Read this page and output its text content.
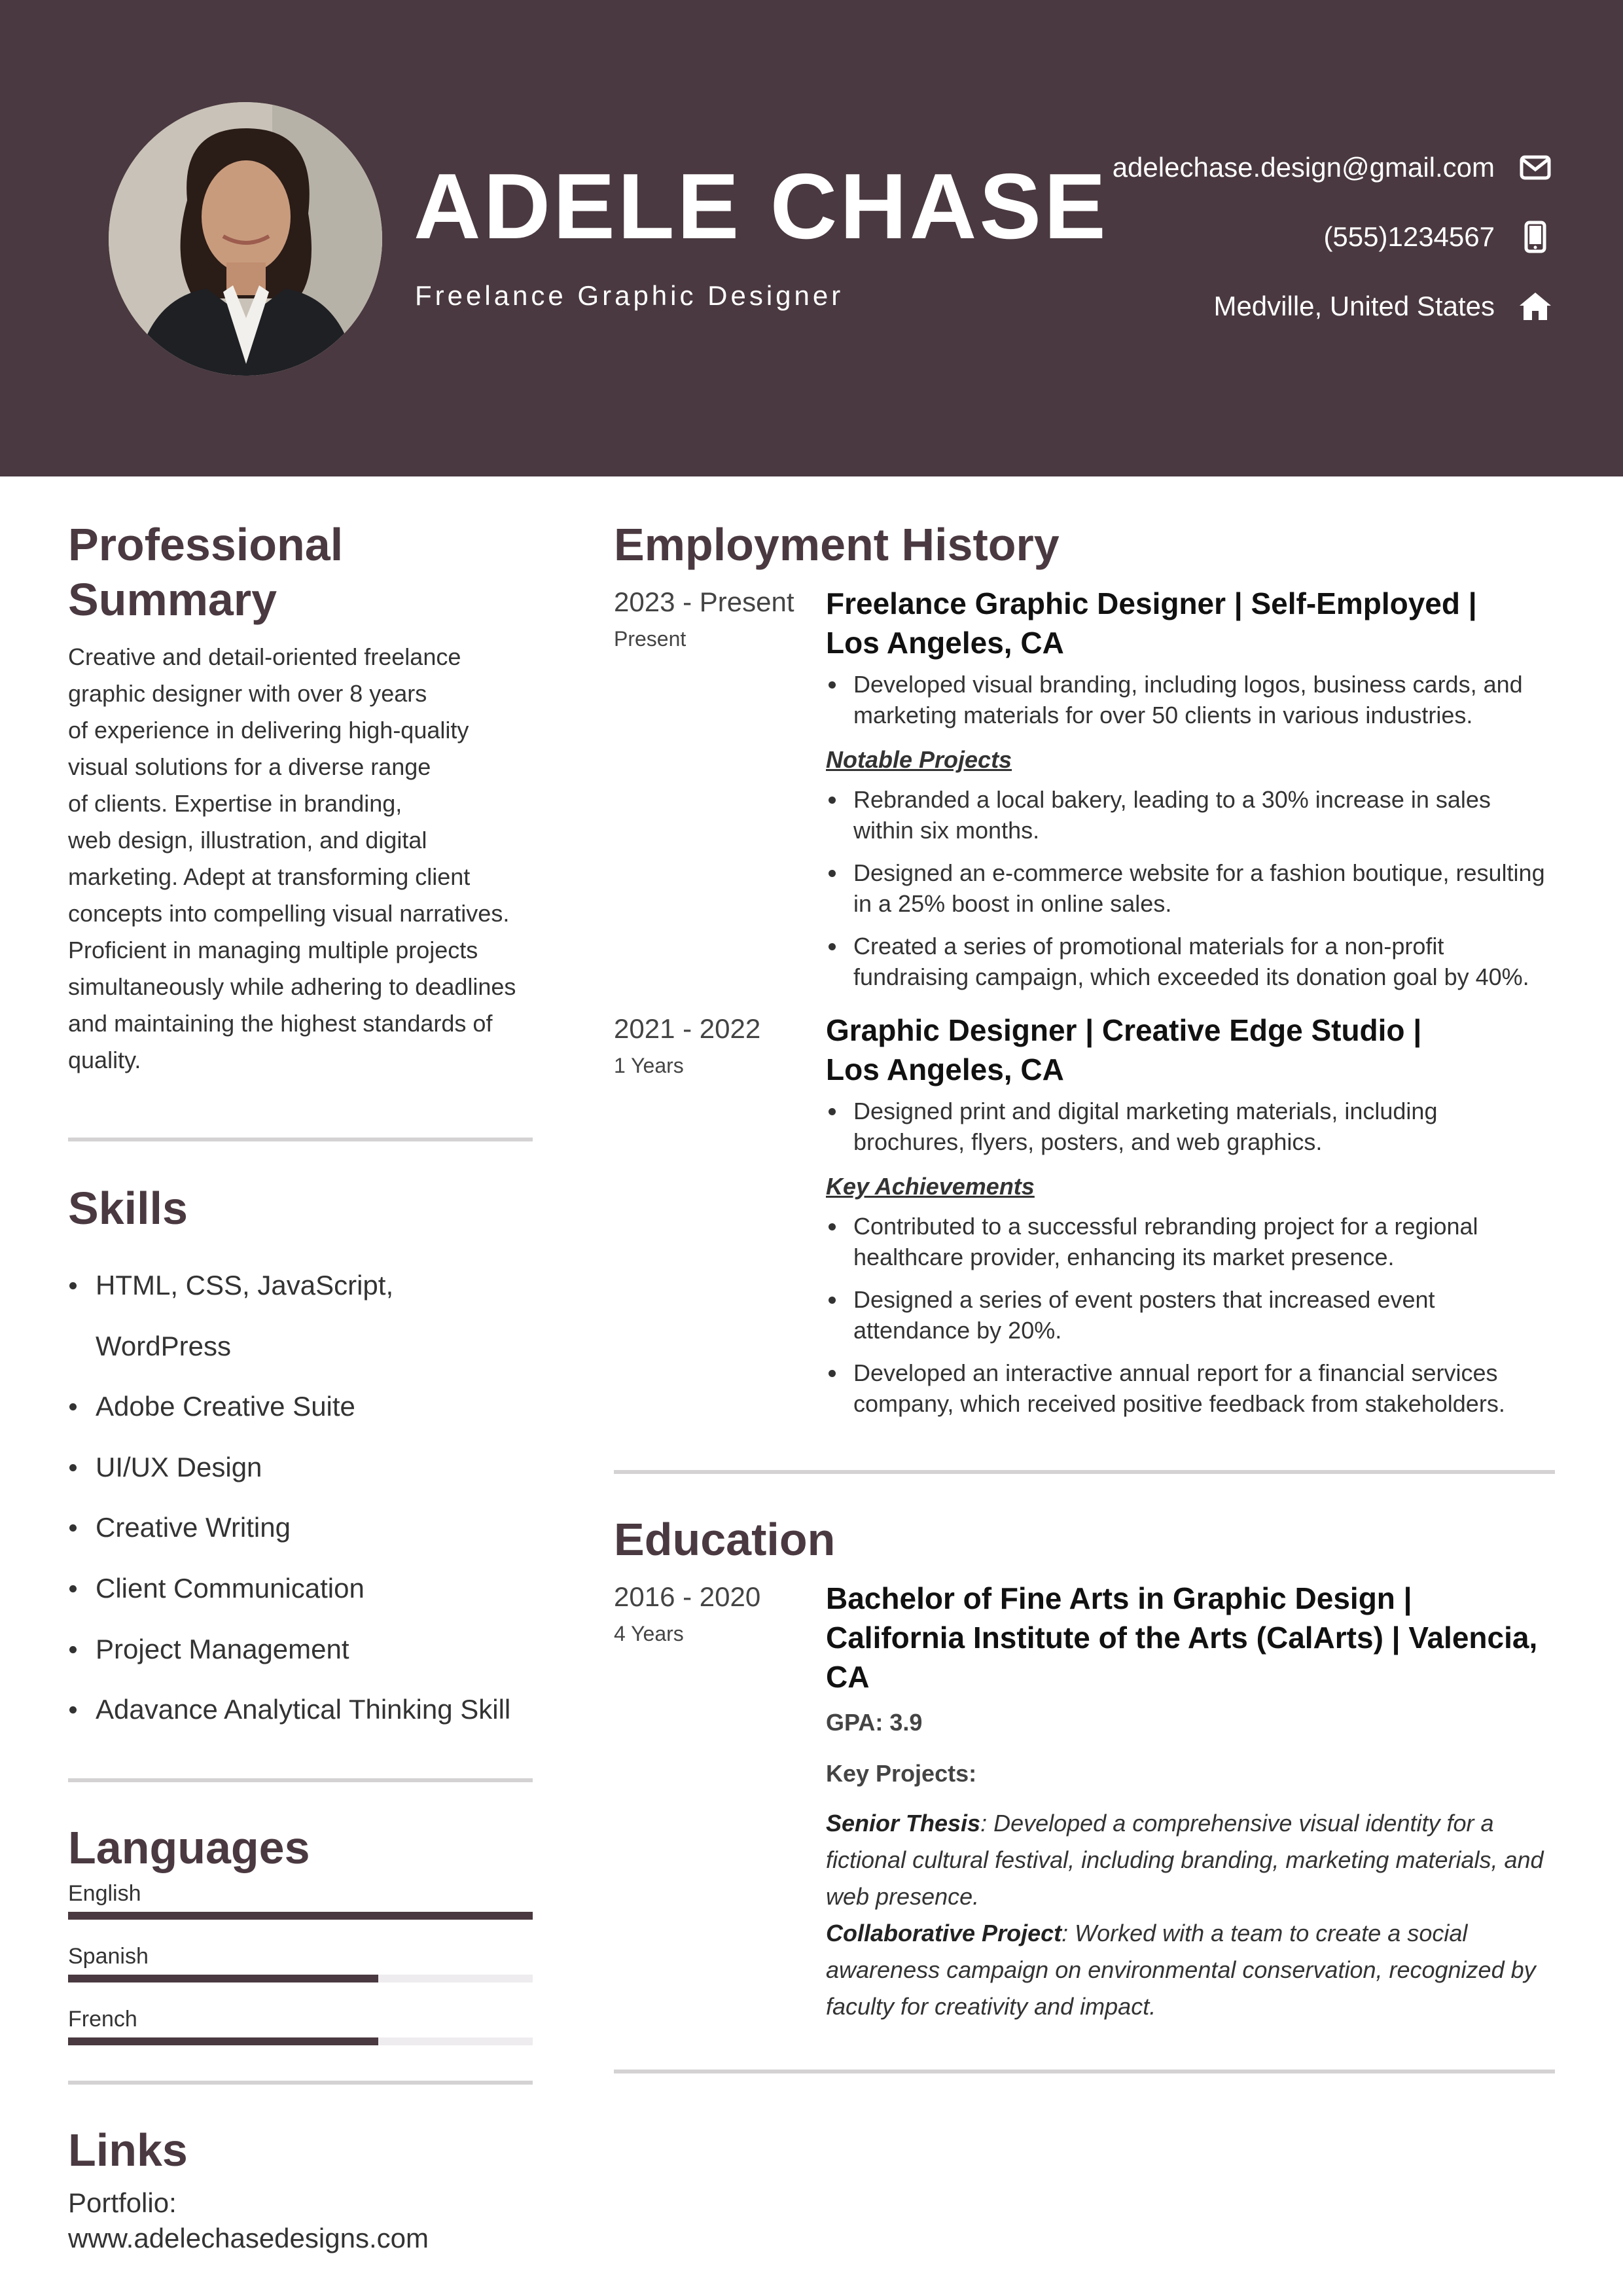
ADELE CHASE
Freelance Graphic Designer
adelechase.design@gmail.com
(555)1234567
Medville, United States
Professional Summary
Creative and detail-oriented freelance
graphic designer with over 8 years
of experience in delivering high-quality
visual solutions for a diverse range
of clients. Expertise in branding,
web design, illustration, and digital
marketing. Adept at transforming client
concepts into compelling visual narratives.
Proficient in managing multiple projects
simultaneously while adhering to deadlines
and maintaining the highest standards of
quality.
Skills
HTML, CSS, JavaScript, WordPress
Adobe Creative Suite
UI/UX Design
Creative Writing
Client Communication
Project Management
Adavance Analytical Thinking Skill
Languages
English
Spanish
French
Links
Portfolio:
www.adelechasedesigns.com
Employment History
2023 - Present
Present
Freelance Graphic Designer | Self-Employed |
Los Angeles, CA
Developed visual branding, including logos, business cards, and marketing materials for over 50 clients in various industries.
Notable Projects
Rebranded a local bakery, leading to a 30% increase in sales within six months.
Designed an e-commerce website for a fashion boutique, resulting in a 25% boost in online sales.
Created a series of promotional materials for a non-profit fundraising campaign, which exceeded its donation goal by 40%.
2021 - 2022
1 Years
Graphic Designer | Creative Edge Studio |
Los Angeles, CA
Designed print and digital marketing materials, including brochures, flyers, posters, and web graphics.
Key Achievements
Contributed to a successful rebranding project for a regional healthcare provider, enhancing its market presence.
Designed a series of event posters that increased event attendance by 20%.
Developed an interactive annual report for a financial services company, which received positive feedback from stakeholders.
Education
2016 - 2020
4 Years
Bachelor of Fine Arts in Graphic Design |
California Institute of the Arts (CalArts) | Valencia, CA
GPA: 3.9
Key Projects:
Senior Thesis: Developed a comprehensive visual identity for a fictional cultural festival, including branding, marketing materials, and web presence.
Collaborative Project: Worked with a team to create a social awareness campaign on environmental conservation, recognized by faculty for creativity and impact.
